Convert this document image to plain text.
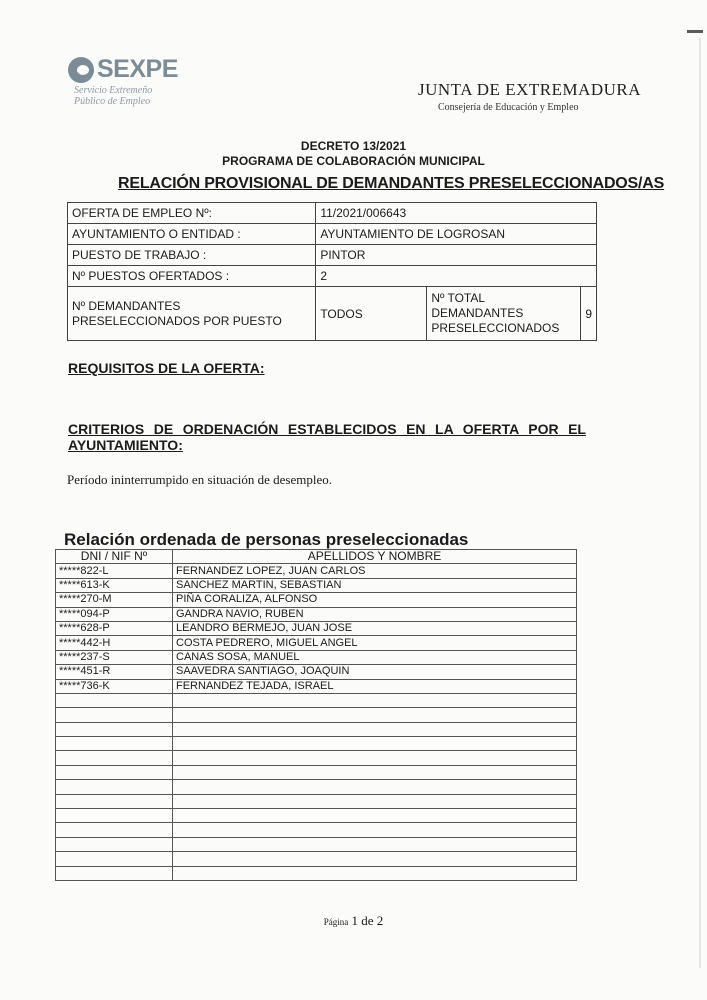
SEXPE
Servicio Extremeño
Público de Empleo
JUNTA DE EXTREMADURA
Consejería de Educación y Empleo
DECRETO 13/2021
PROGRAMA DE COLABORACIÓN MUNICIPAL
RELACIÓN PROVISIONAL DE DEMANDANTES PRESELECCIONADOS/AS
OFERTA DE EMPLEO Nº:	11/2021/006643		
AYUNTAMIENTO O ENTIDAD :	AYUNTAMIENTO DE LOGROSAN		
PUESTO DE TRABAJO :	PINTOR		
Nº PUESTOS OFERTADOS :	2		
Nº DEMANDANTES PRESELECCIONADOS POR PUESTO	TODOS	Nº TOTAL DEMANDANTES PRESELECCIONADOS	9
REQUISITOS DE LA OFERTA:
CRITERIOS DE ORDENACIÓN ESTABLECIDOS EN LA OFERTA POR EL
AYUNTAMIENTO:
Período ininterrumpido en situación de desempleo.
Relación ordenada de personas preseleccionadas
DNI / NIF Nº	APELLIDOS Y NOMBRE
*****822-L	FERNANDEZ LOPEZ, JUAN CARLOS
*****613-K	SANCHEZ MARTIN, SEBASTIAN
*****270-M	PIÑA CORALIZA, ALFONSO
*****094-P	GANDRA NAVIO, RUBEN
*****628-P	LEANDRO BERMEJO, JUAN JOSE
*****442-H	COSTA PEDRERO, MIGUEL ANGEL
*****237-S	CANAS SOSA, MANUEL
*****451-R	SAAVEDRA SANTIAGO, JOAQUIN
*****736-K	FERNANDEZ TEJADA, ISRAEL

Página 1 de 2
